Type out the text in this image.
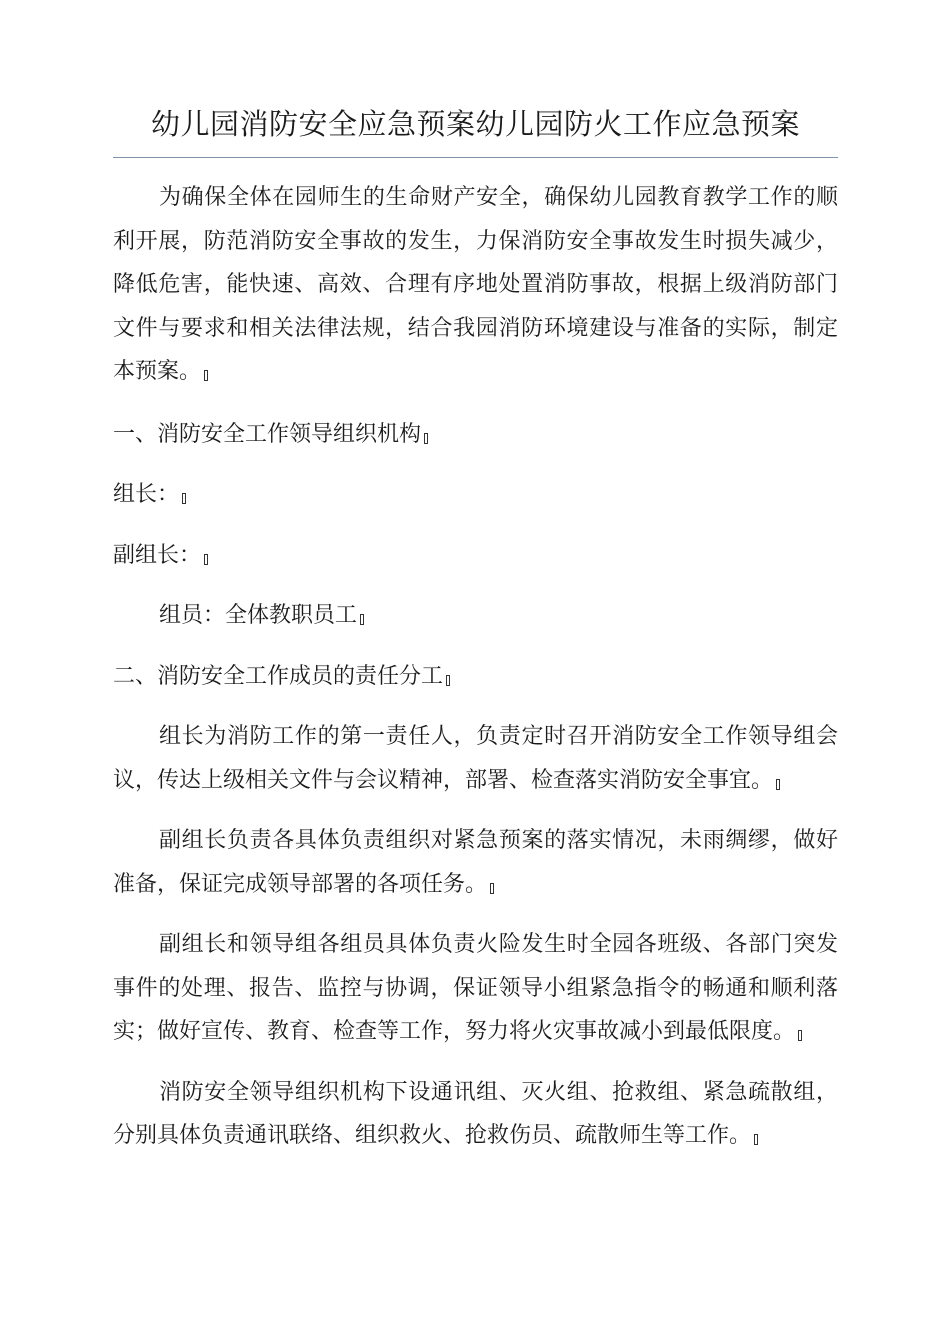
幼儿园消防安全应急预案幼儿园防火工作应急预案

为确保全体在园师生的生命财产安全，确保幼儿园教育教学工作的顺利开展，防范消防安全事故的发生，力保消防安全事故发生时损失减少，降低危害，能快速、高效、合理有序地处置消防事故，根据上级消防部门文件与要求和相关法律法规，结合我园消防环境建设与准备的实际，制定本预案。

一、消防安全工作领导组织机构

组长：

副组长：

组员：全体教职员工

二、消防安全工作成员的责任分工

组长为消防工作的第一责任人，负责定时召开消防安全工作领导组会议，传达上级相关文件与会议精神，部署、检查落实消防安全事宜。

副组长负责各具体负责组织对紧急预案的落实情况，未雨绸缪，做好准备，保证完成领导部署的各项任务。

副组长和领导组各组员具体负责火险发生时全园各班级、各部门突发事件的处理、报告、监控与协调，保证领导小组紧急指令的畅通和顺利落实；做好宣传、教育、检查等工作，努力将火灾事故减小到最低限度。

消防安全领导组织机构下设通讯组、灭火组、抢救组、紧急疏散组，分别具体负责通讯联络、组织救火、抢救伤员、疏散师生等工作。
